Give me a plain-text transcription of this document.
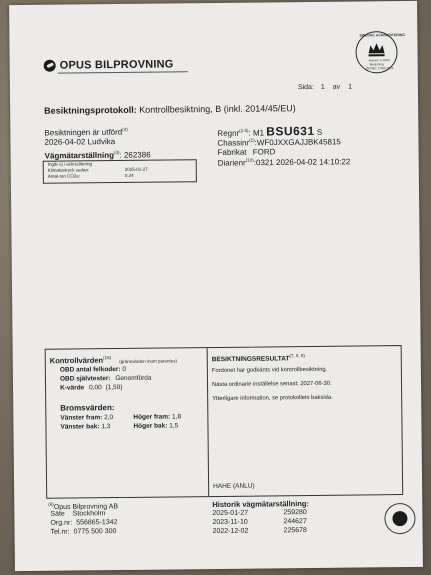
OPUS BILPROVNING
SWEDAC ACKREDITERING
Ackred. nr 8976
Besiktning
ISO/IEC 17020:2012
Sida: 1 av 1
Besiktningsprotokoll: Kontrollbesiktning, B (inkl. 2014/45/EU)
Besiktningen är utförd$^{(3)}$
2026-04-02 Ludvika
Vägmätarställning$^{(4)}$: 262386
Ingår ej i ackreditering
Klimatavtryck sedan:	2025-01-27
Antal-ton CO2e:	0.34
Regnr$^{(2.5)}$: M1 BSU631 S
Chassinr$^{(1)}$:WF0JXXGAJJBK45815
Fabrikat FORD
Diarienr$^{(10)}$:0321 2026-04-02 14:10:22
Kontrollvärden$^{(16)}$ (gränsvärden inom parentes)
OBD antal felkoder: 0
OBD självtester: Genomförda
K-värde 0,00 (1,50)
Bromsvärden:
Vänster fram: 2,0	Höger fram: 1,8
Vänster bak: 1,3	Höger bak: 1,5
BESIKTNINGSRESULTAT$^{(7, 8, 9)}$
Fordonet har godkänts vid kontrollbesiktning.
Nästa ordinarie inställelse senast: 2027-06-30.
Ytterligare information, se protokollets baksida.
HAHE (ANLU)
$^{(6)}$Opus Bilprovning AB
Säte Stockholm
Org.nr: 556865-1342
Tel.nr: 0775 500 300
Historik vägmätarställning:
2025-01-27	259280
2023-11-10	244627
2022-12-02	225678
